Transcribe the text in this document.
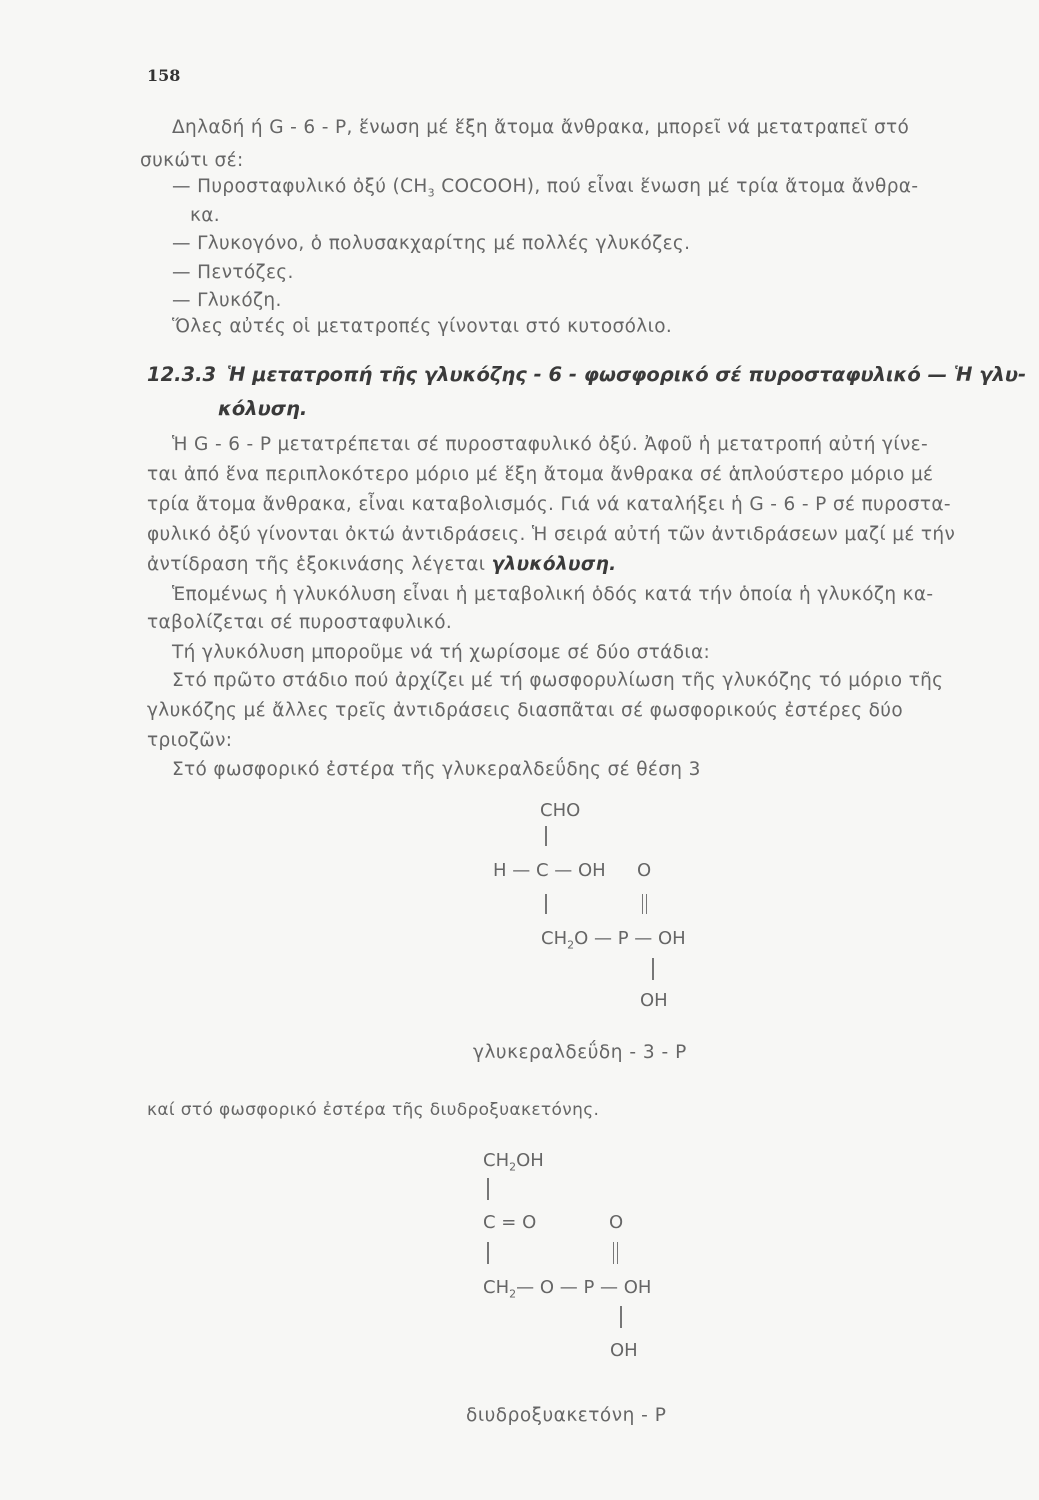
158
Δηλαδή ή G - 6 - P, ἕνωση μέ ἕξη ἄτομα ἄνθρακα, μπορεῖ νά μετατραπεῖ στό
συκώτι σέ:
— Πυροσταφυλικό ὀξύ ($CH_3$ COCOOH), πού εἶναι ἕνωση μέ τρία ἄτομα ἄνθρα-
κα.
— Γλυκογόνο, ὁ πολυσακχαρίτης μέ πολλές γλυκόζες.
— Πεντόζες.
— Γλυκόζη.
Ὅλες αὐτές οἱ μετατροπές γίνονται στό κυτοσόλιο.
12.3.3 Ἡ μετατροπή τῆς γλυκόζης - 6 - φωσφορικό σέ πυροσταφυλικό — Ἡ γλυ-
κόλυση.
Ἡ G - 6 - P μετατρέπεται σέ πυροσταφυλικό ὀξύ. Ἀφοῦ ἡ μετατροπή αὐτή γίνε-
ται ἀπό ἕνα περιπλοκότερο μόριο μέ ἕξη ἄτομα ἄνθρακα σέ ἁπλούστερο μόριο μέ
τρία ἄτομα ἄνθρακα, εἶναι καταβολισμός. Γιά νά καταλήξει ἡ G - 6 - P σέ πυροστα-
φυλικό ὀξύ γίνονται ὀκτώ ἀντιδράσεις. Ἡ σειρά αὐτή τῶν ἀντιδράσεων μαζί μέ τήν
ἀντίδραση τῆς ἑξοκινάσης λέγεται γλυκόλυση.
Ἑπομένως ἡ γλυκόλυση εἶναι ἡ μεταβολική ὁδός κατά τήν ὁποία ἡ γλυκόζη κα-
ταβολίζεται σέ πυροσταφυλικό.
Τή γλυκόλυση μποροῦμε νά τή χωρίσομε σέ δύο στάδια:
Στό πρῶτο στάδιο πού ἀρχίζει μέ τή φωσφορυλίωση τῆς γλυκόζης τό μόριο τῆς
γλυκόζης μέ ἄλλες τρεῖς ἀντιδράσεις διασπᾶται σέ φωσφορικούς ἐστέρες δύο
τριοζῶν:
Στό φωσφορικό ἐστέρα τῆς γλυκεραλδεΰδης σέ θέση 3
CHO
H — C — OH O
$CH_2O$ — P — OH
OH
γλυκεραλδεΰδη - 3 - P
καί στό φωσφορικό ἐστέρα τῆς διυδροξυακετόνης.
$CH_2OH$
C = O	O
$CH_2—$ O — P — OH
OH
διυδροξυακετόνη - P
